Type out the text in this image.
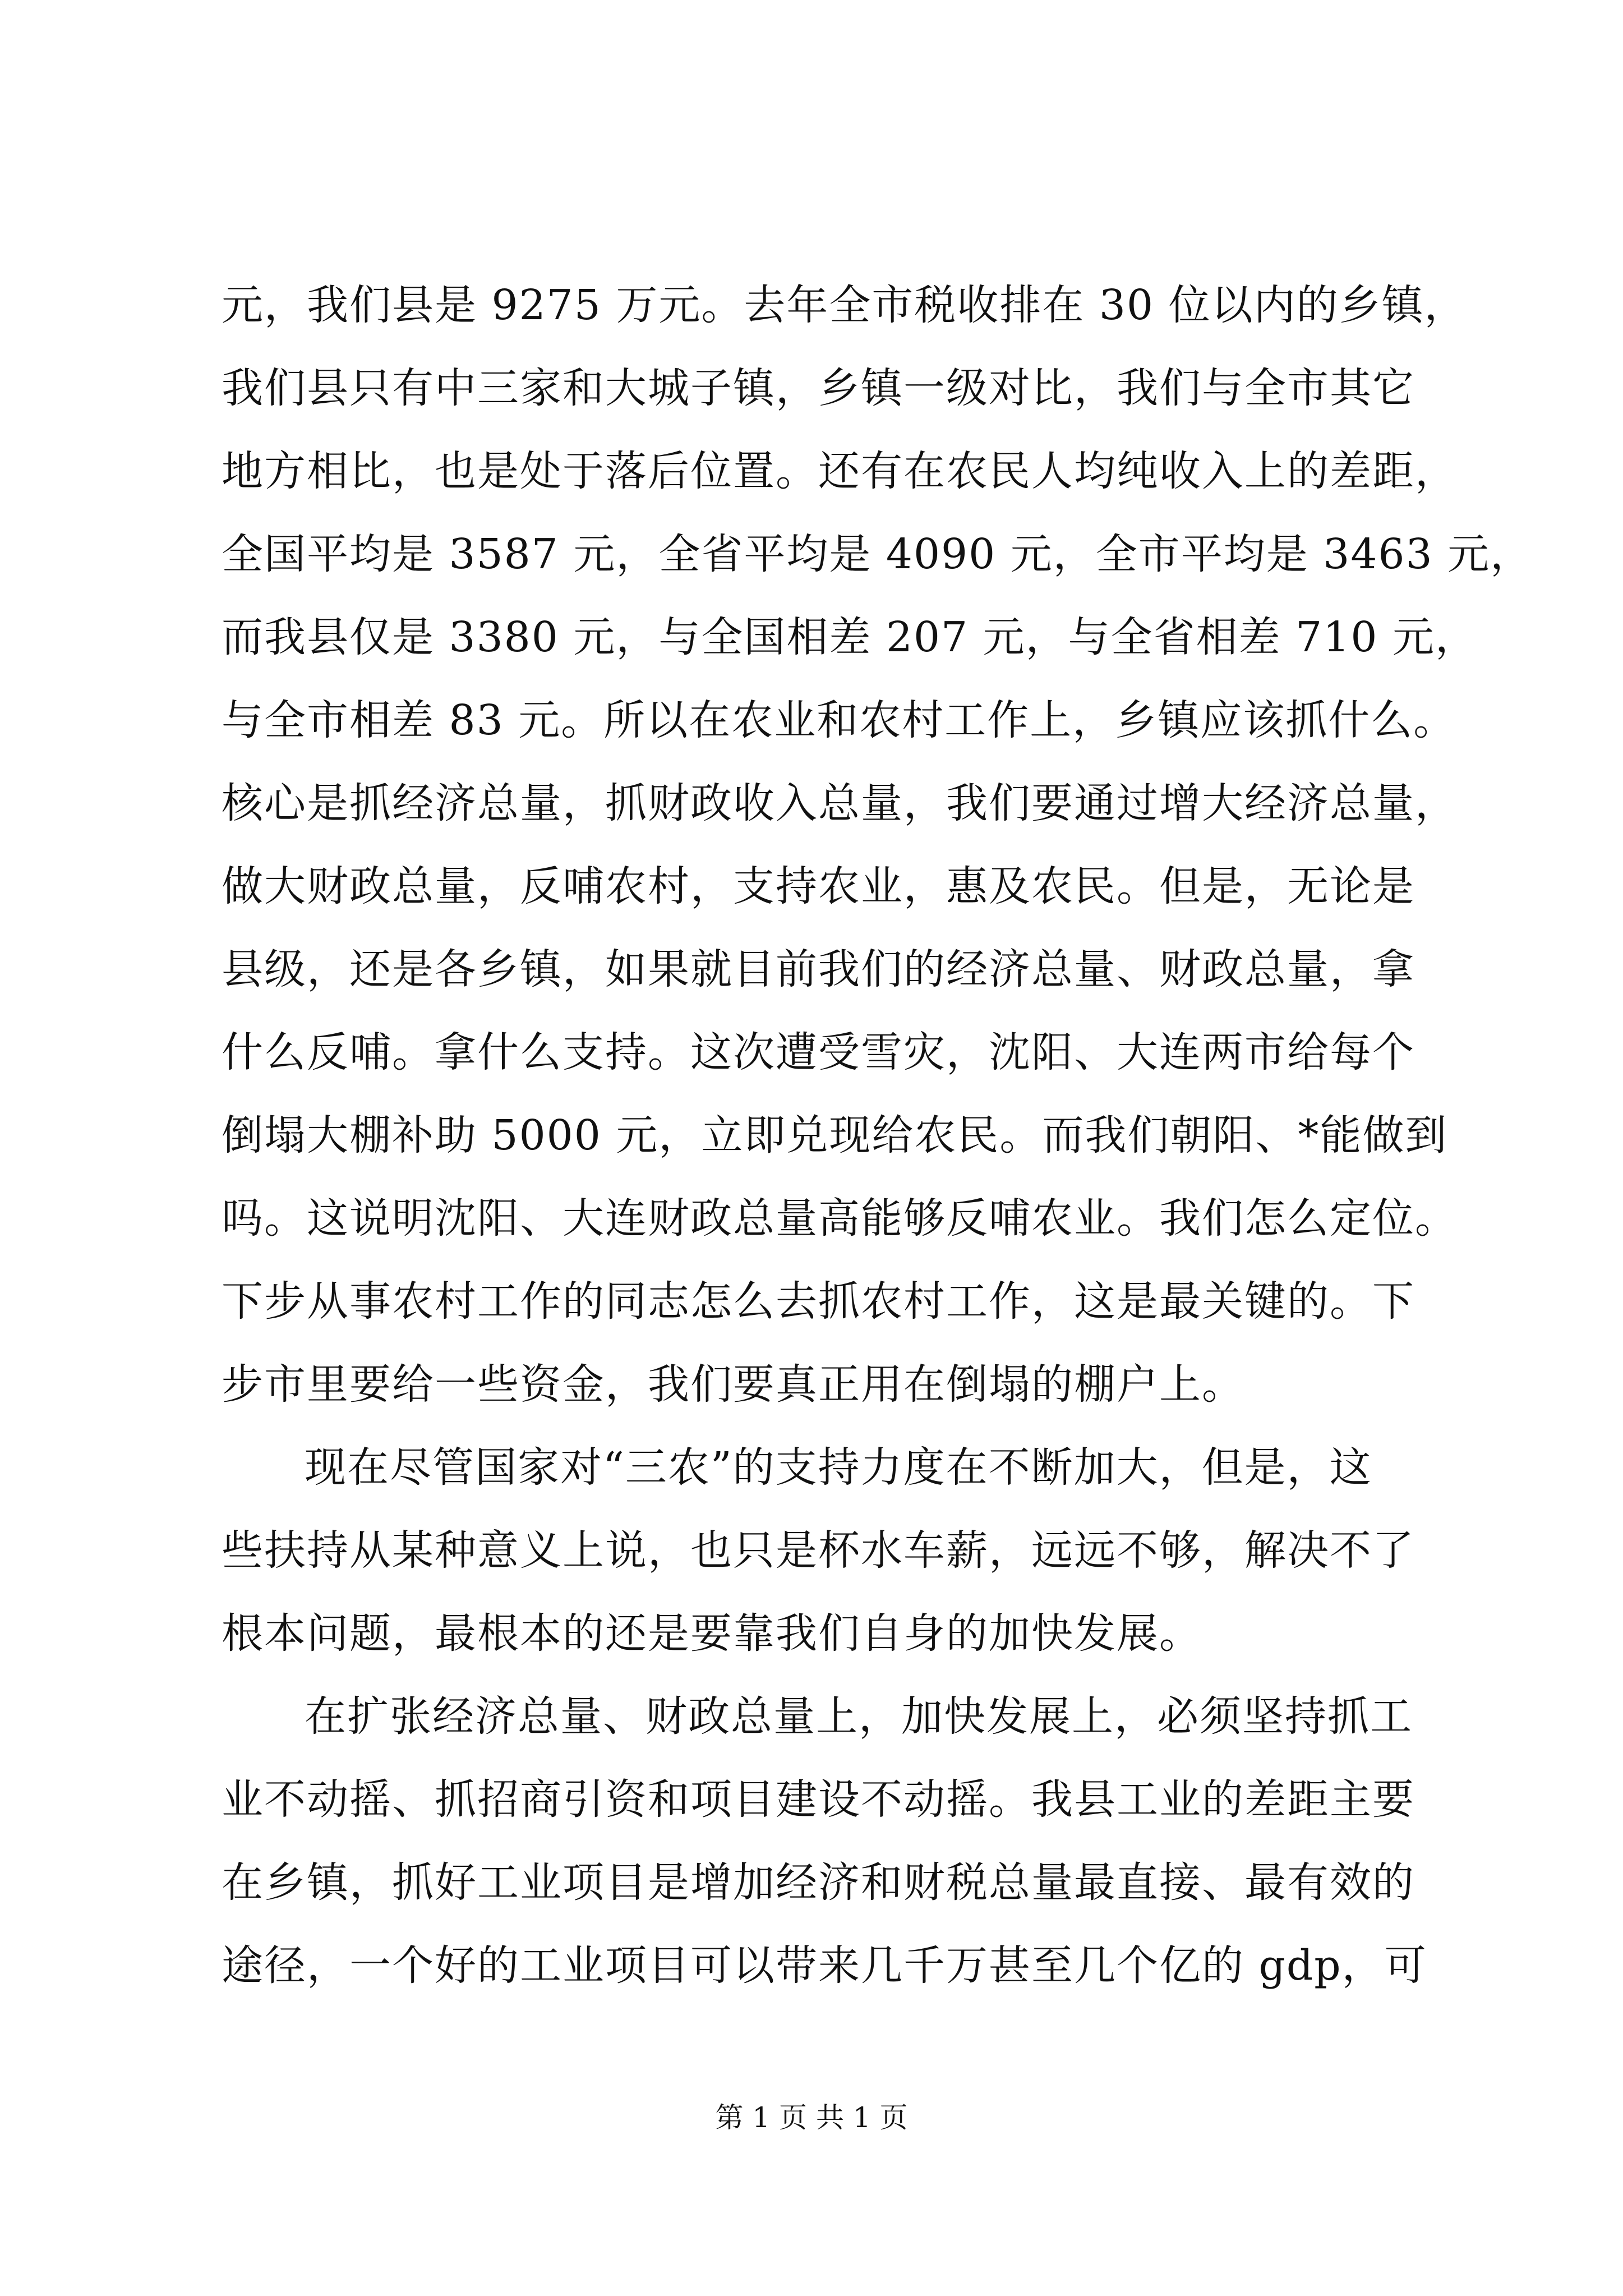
元，我们县是 9275 万元。去年全市税收排在 30 位以内的乡镇，
我们县只有中三家和大城子镇，乡镇一级对比，我们与全市其它
地方相比，也是处于落后位置。还有在农民人均纯收入上的差距，
全国平均是 3587 元，全省平均是 4090 元，全市平均是 3463 元，
而我县仅是 3380 元，与全国相差 207 元，与全省相差 710 元，
与全市相差 83 元。所以在农业和农村工作上，乡镇应该抓什么。
核心是抓经济总量，抓财政收入总量，我们要通过增大经济总量，
做大财政总量，反哺农村，支持农业，惠及农民。但是，无论是
县级，还是各乡镇，如果就目前我们的经济总量、财政总量，拿
什么反哺。拿什么支持。这次遭受雪灾，沈阳、大连两市给每个
倒塌大棚补助 5000 元，立即兑现给农民。而我们朝阳、*能做到
吗。这说明沈阳、大连财政总量高能够反哺农业。我们怎么定位。
下步从事农村工作的同志怎么去抓农村工作，这是最关键的。下
步市里要给一些资金，我们要真正用在倒塌的棚户上。
现在尽管国家对“三农”的支持力度在不断加大，但是，这
些扶持从某种意义上说，也只是杯水车薪，远远不够，解决不了
根本问题，最根本的还是要靠我们自身的加快发展。
在扩张经济总量、财政总量上，加快发展上，必须坚持抓工
业不动摇、抓招商引资和项目建设不动摇。我县工业的差距主要
在乡镇，抓好工业项目是增加经济和财税总量最直接、最有效的
途径，一个好的工业项目可以带来几千万甚至几个亿的 gdp，可
第 1 页 共 1 页
